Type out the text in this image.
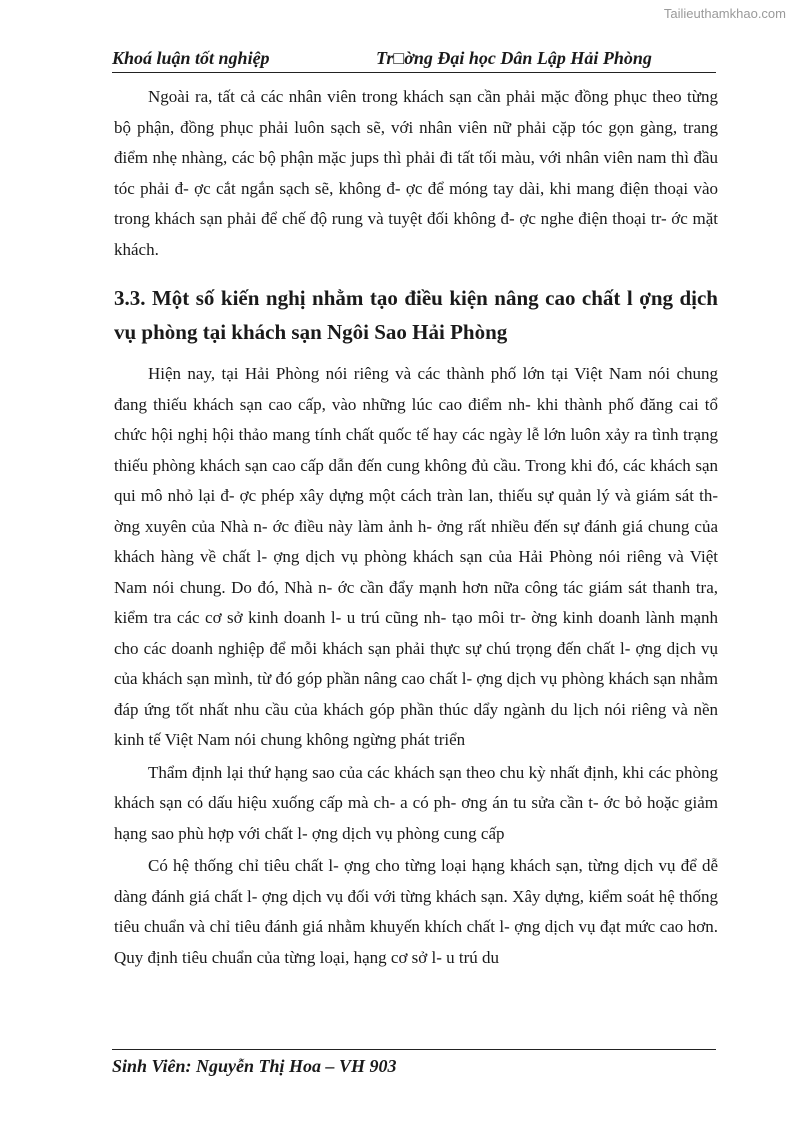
Tailieuthamkhao.com
Khoá luận tốt nghiệp	Tr□ờng Đại học Dân Lập Hải Phòng

Ngoài ra, tất cả các nhân viên trong khách sạn cần phải mặc đồng phục theo từng bộ phận, đồng phục phải luôn sạch sẽ, với nhân viên nữ phải cặp tóc gọn gàng, trang điểm nhẹ nhàng, các bộ phận mặc jups thì phải đi tất tối màu, với nhân viên nam thì đầu tóc phải đ- ợc cắt ngắn sạch sẽ, không đ- ợc để móng tay dài, khi mang điện thoại vào trong khách sạn phải để chế độ rung và tuyệt đối không đ- ợc nghe điện thoại tr- ớc mặt khách.

3.3. Một số kiến nghị nhằm tạo điều kiện nâng cao chất l ợng dịch vụ phòng tại khách sạn Ngôi Sao Hải Phòng

Hiện nay, tại Hải Phòng nói riêng và các thành phố lớn tại Việt Nam nói chung đang thiếu khách sạn cao cấp, vào những lúc cao điểm nh- khi thành phố đăng cai tổ chức hội nghị hội thảo mang tính chất quốc tế hay các ngày lễ lớn luôn xảy ra tình trạng thiếu phòng khách sạn cao cấp dẫn đến cung không đủ cầu. Trong khi đó, các khách sạn qui mô nhỏ lại đ- ợc phép xây dựng một cách tràn lan, thiếu sự quản lý và giám sát th- ờng xuyên của Nhà n- ớc điều này làm ảnh h- ởng rất nhiều đến sự đánh giá chung của khách hàng về chất l- ợng dịch vụ phòng khách sạn của Hải Phòng nói riêng và Việt Nam nói chung. Do đó, Nhà n- ớc cần đẩy mạnh hơn nữa công tác giám sát thanh tra, kiểm tra các cơ sở kinh doanh l- u trú cũng nh- tạo môi tr- ờng kinh doanh lành mạnh cho các doanh nghiệp để mỗi khách sạn phải thực sự chú trọng đến chất l- ợng dịch vụ của khách sạn mình, từ đó góp phần nâng cao chất l- ợng dịch vụ phòng khách sạn nhằm đáp ứng tốt nhất nhu cầu của khách góp phần thúc dẩy ngành du lịch nói riêng và nền kinh tế Việt Nam nói chung không ngừng phát triển

Thẩm định lại thứ hạng sao của các khách sạn theo chu kỳ nhất định, khi các phòng khách sạn có dấu hiệu xuống cấp mà ch- a có ph- ơng án tu sửa cần t- ớc bỏ hoặc giảm hạng sao phù hợp với chất l- ợng dịch vụ phòng cung cấp

Có hệ thống chỉ tiêu chất l- ợng cho từng loại hạng khách sạn, từng dịch vụ để dễ dàng đánh giá chất l- ợng dịch vụ đối với từng khách sạn. Xây dựng, kiểm soát hệ thống tiêu chuẩn và chỉ tiêu đánh giá nhằm khuyến khích chất l- ợng dịch vụ đạt mức cao hơn. Quy định tiêu chuẩn của từng loại, hạng cơ sở l- u trú du

Sinh Viên: Nguyễn Thị Hoa – VH 903
